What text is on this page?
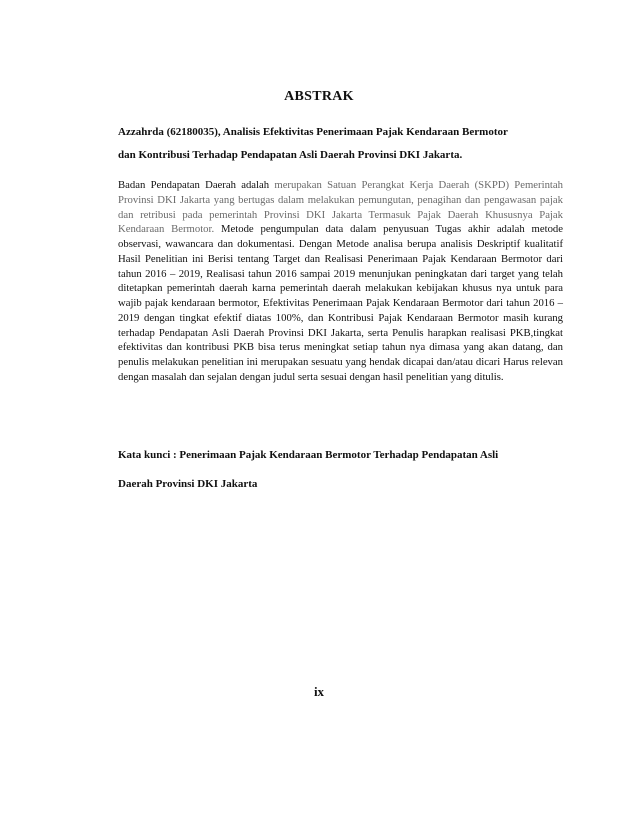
ABSTRAK
Azzahrda (62180035), Analisis Efektivitas Penerimaan Pajak Kendaraan Bermotor
dan Kontribusi Terhadap Pendapatan Asli Daerah Provinsi DKI Jakarta.

Badan Pendapatan Daerah adalah merupakan Satuan Perangkat Kerja Daerah (SKPD) Pemerintah Provinsi DKI Jakarta yang bertugas dalam melakukan pemungutan, penagihan dan pengawasan pajak dan retribusi pada pemerintah Provinsi DKI Jakarta Termasuk Pajak Daerah Khususnya Pajak Kendaraan Bermotor. Metode pengumpulan data dalam penyusuan Tugas akhir adalah metode observasi, wawancara dan dokumentasi. Dengan Metode analisa berupa analisis Deskriptif kualitatif Hasil Penelitian ini Berisi tentang Target dan Realisasi Penerimaan Pajak Kendaraan Bermotor dari tahun 2016 – 2019, Realisasi tahun 2016 sampai 2019 menunjukan peningkatan dari target yang telah ditetapkan pemerintah daerah karna pemerintah daerah melakukan kebijakan khusus nya untuk para wajib pajak kendaraan bermotor, Efektivitas Penerimaan Pajak Kendaraan Bermotor dari tahun 2016 – 2019 dengan tingkat efektif diatas 100%, dan Kontribusi Pajak Kendaraan Bermotor masih kurang terhadap Pendapatan Asli Daerah Provinsi DKI Jakarta, serta Penulis harapkan realisasi PKB,tingkat efektivitas dan kontribusi PKB bisa terus meningkat setiap tahun nya dimasa yang akan datang, dan penulis melakukan penelitian ini merupakan sesuatu yang hendak dicapai dan/atau dicari Harus relevan dengan masalah dan sejalan dengan judul serta sesuai dengan hasil penelitian yang ditulis.

Kata kunci : Penerimaan Pajak Kendaraan Bermotor Terhadap Pendapatan Asli
Daerah Provinsi DKI Jakarta
ix
